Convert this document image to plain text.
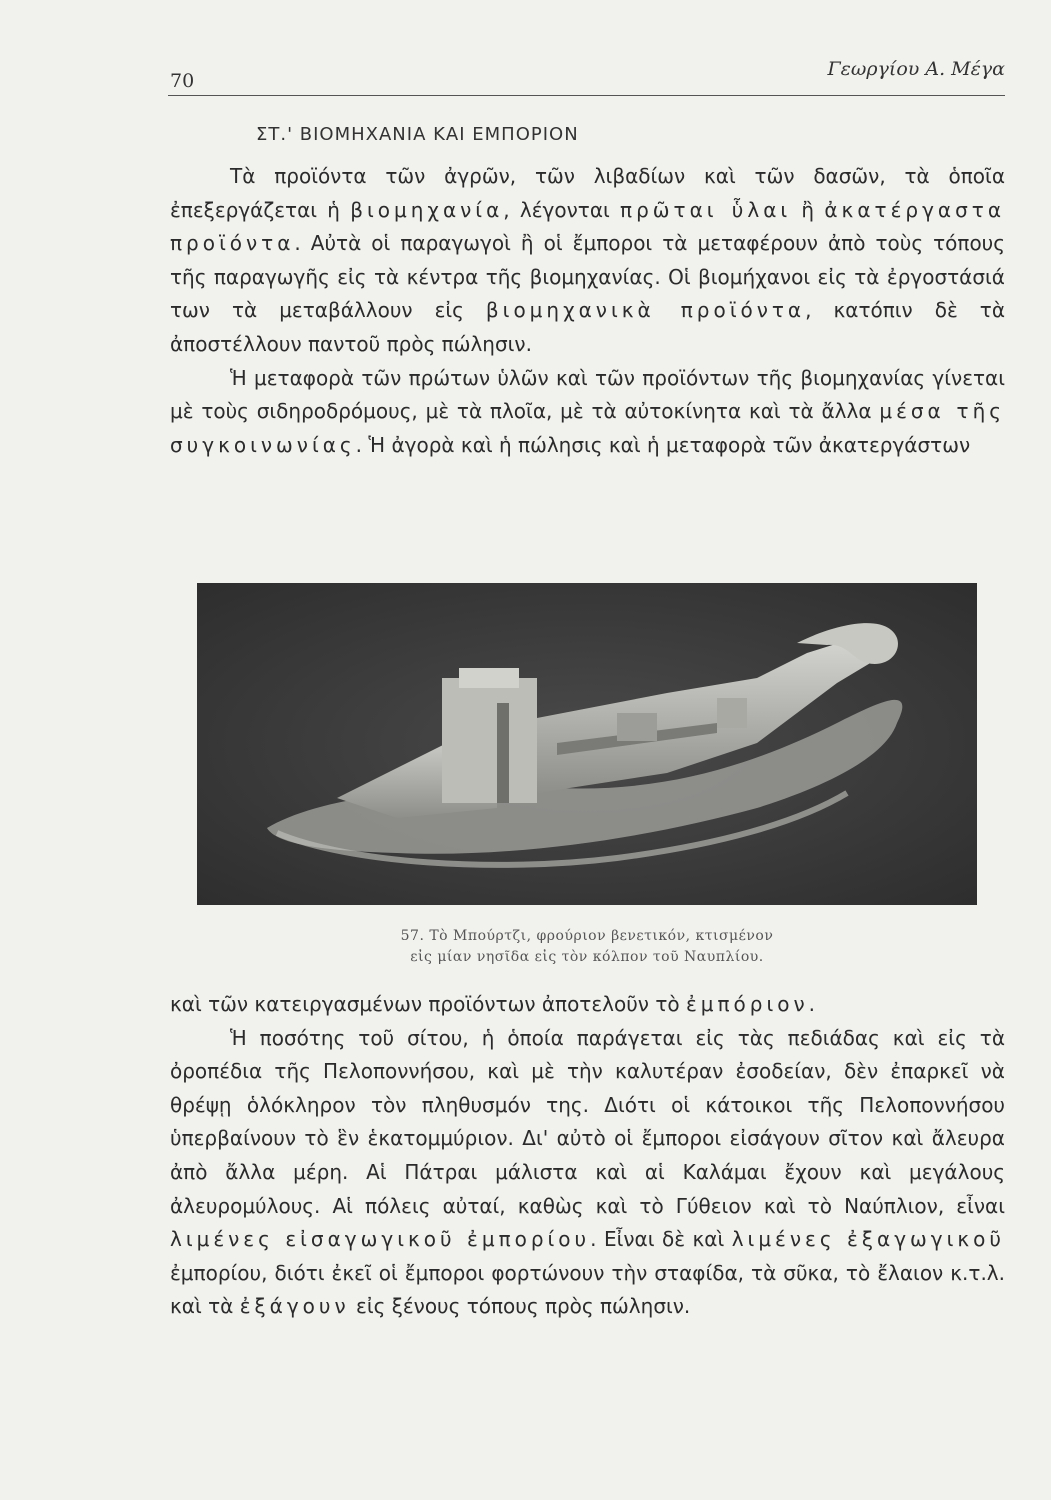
70
Γεωργίου Α. Μέγα
ΣΤ.' ΒΙΟΜΗΧΑΝΙΑ ΚΑΙ ΕΜΠΟΡΙΟΝ

Τὰ προϊόντα τῶν ἀγρῶν, τῶν λιβαδίων καὶ τῶν δασῶν, τὰ ὁποῖα ἐπεξεργάζεται ἡ βιομηχανία, λέγονται πρῶται ὗλαι ἢ ἀκατέργαστα προϊόντα. Αὐτὰ οἱ παραγωγοὶ ἢ οἱ ἔμποροι τὰ μεταφέρουν ἀπὸ τοὺς τόπους τῆς παραγωγῆς εἰς τὰ κέντρα τῆς βιομηχανίας. Οἱ βιομήχανοι εἰς τὰ ἐργοστάσιά των τὰ μεταβάλλουν εἰς βιομηχανικὰ προϊόντα, κατόπιν δὲ τὰ ἀποστέλλουν παντοῦ πρὸς πώλησιν.

Ἡ μεταφορὰ τῶν πρώτων ὑλῶν καὶ τῶν προϊόντων τῆς βιομηχανίας γίνεται μὲ τοὺς σιδηροδρόμους, μὲ τὰ πλοῖα, μὲ τὰ αὐτοκίνητα καὶ τὰ ἄλλα μέσα τῆς συγκοινωνίας. Ἡ ἀγορὰ καὶ ἡ πώλησις καὶ ἡ μεταφορὰ τῶν ἀκατεργάστων

57. Τὸ Μπούρτζι, φρούριον βενετικόν, κτισμένον

εἰς μίαν νησῖδα εἰς τὸν κόλπον τοῦ Ναυπλίου.

καὶ τῶν κατειργασμένων προϊόντων ἀποτελοῦν τὸ ἐμπόριον.

Ἡ ποσότης τοῦ σίτου, ἡ ὁποία παράγεται εἰς τὰς πεδιάδας καὶ εἰς τὰ ὀροπέδια τῆς Πελοποννήσου, καὶ μὲ τὴν καλυτέραν ἐσοδείαν, δὲν ἐπαρκεῖ νὰ θρέψῃ ὁλόκληρον τὸν πληθυσμόν της. Διότι οἱ κάτοικοι τῆς Πελοποννήσου ὑπερβαίνουν τὸ ἓν ἑκατομμύριον. Δι' αὐτὸ οἱ ἔμποροι εἰσάγουν σῖτον καὶ ἄλευρα ἀπὸ ἄλλα μέρη. Αἱ Πάτραι μάλιστα καὶ αἱ Καλάμαι ἔχουν καὶ μεγάλους ἀλευρομύλους. Αἱ πόλεις αὐταί, καθὼς καὶ τὸ Γύθειον καὶ τὸ Ναύπλιον, εἶναι λιμένες εἰσαγωγικοῦ ἐμπορίου. Εἶναι δὲ καὶ λιμένες ἐξαγωγικοῦ ἐμπορίου, διότι ἐκεῖ οἱ ἔμποροι φορτώνουν τὴν σταφίδα, τὰ σῦκα, τὸ ἔλαιον κ.τ.λ. καὶ τὰ ἐξάγουν εἰς ξένους τόπους πρὸς πώλησιν.
